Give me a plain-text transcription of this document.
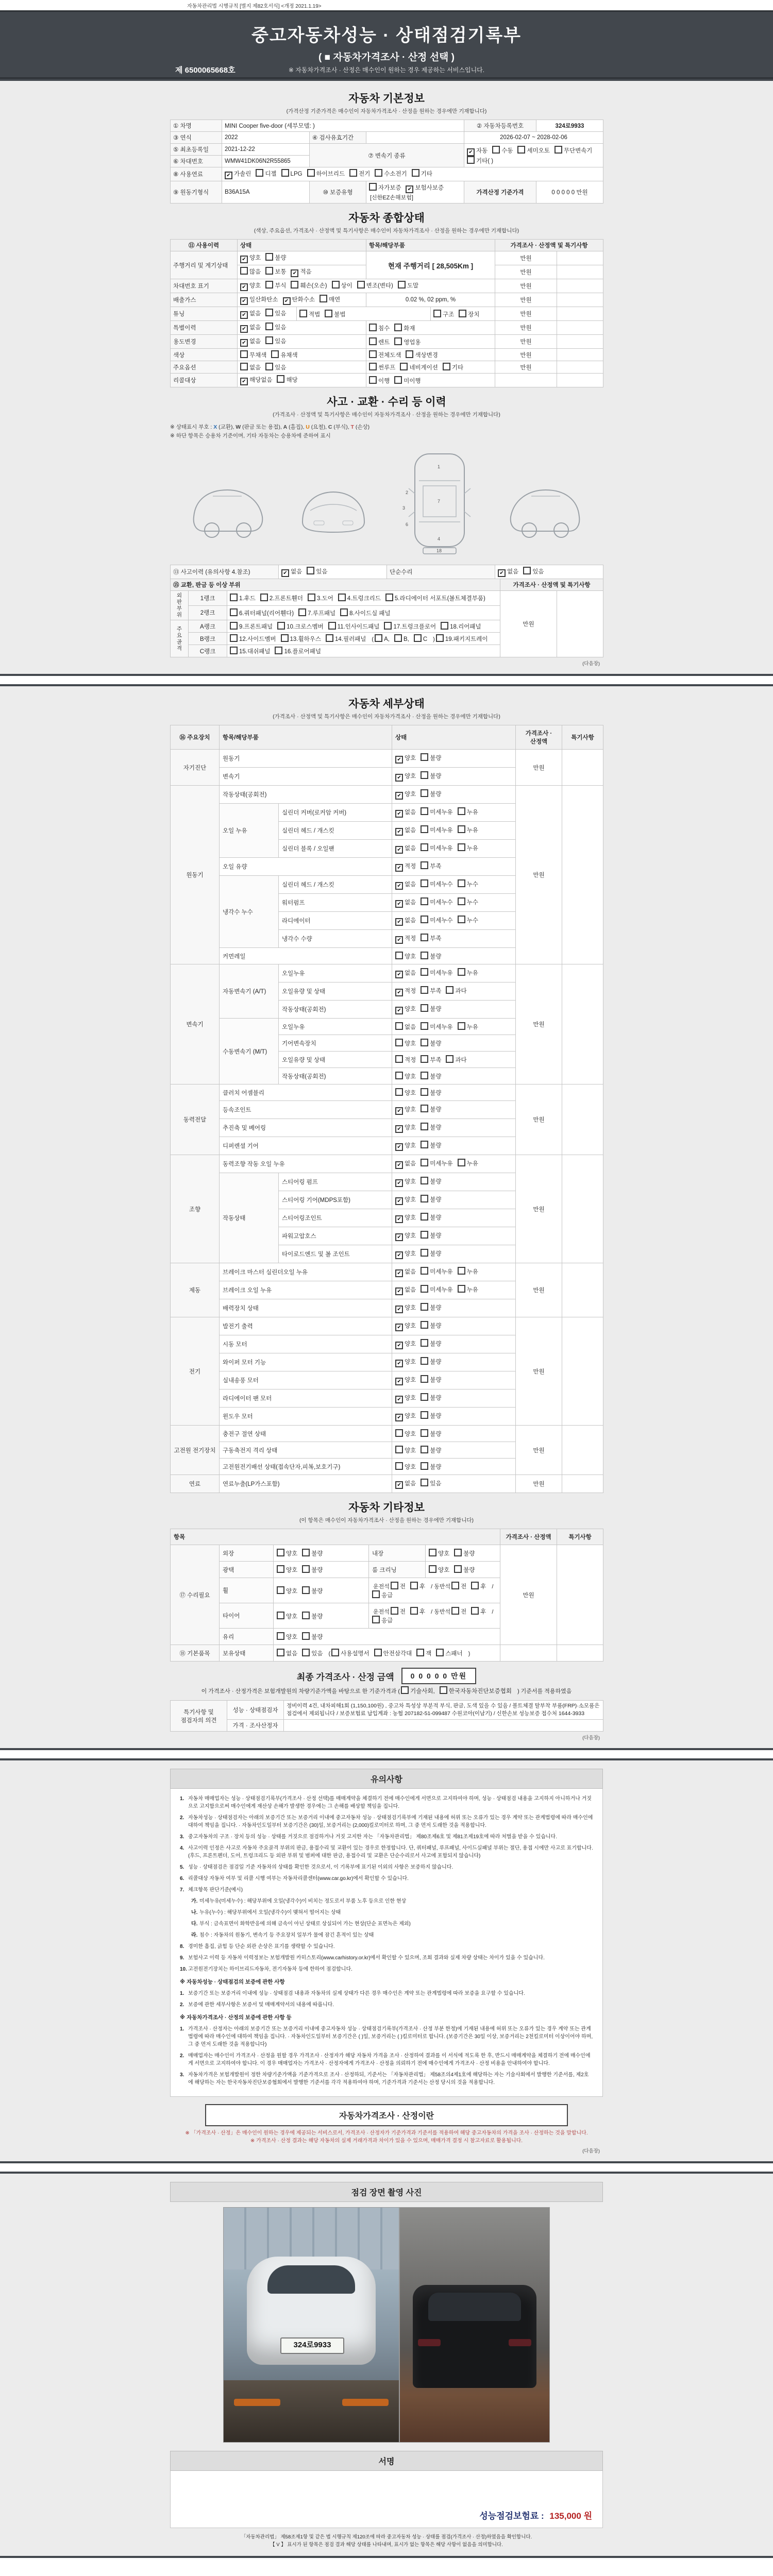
자동차관리법 시행규칙 [별지 제82호서식] <개정 2021.1.19>
중고자동차성능 · 상태점검기록부
( ■ 자동차가격조사 · 산정 선택 )
※ 자동차가격조사 · 산정은 매수인이 원하는 경우 제공하는 서비스입니다.
제 6500065668호
자동차 기본정보
(가격산정 기준가격은 매수인이 자동차가격조사 · 산정을 원하는 경우에만 기재합니다)
① 차명	MINI Cooper five-door (세부모델: )			② 자동차등록번호	324로9933
③ 연식	2022	④ 검사유효기간		2026-02-07 ~ 2028-02-06	
⑤ 최초등록일	2021-12-22	⑦ 변속기 종류		✔ 자동 수동 세미오토 무단변속기기타( )	
⑥ 차대번호	WMW41DK06N2R55865				
⑧ 사용연료	✔ 가솔린 디젤 LPG 하이브리드 전기 수소전기 기타				
⑨ 원동기형식	B36A15A	⑩ 보증유형	자가보증 ✔ 보험사보증[신한EZ손해보험]	가격산정 기준가격	0 0 0 0 0 만원
자동차 종합상태
(색상, 주요옵션, 가격조사 · 산정액 및 특기사항은 매수인이 자동차가격조사 · 산정을 원하는 경우에만 기재합니다)
⑪ 사용이력	상태		항목/해당부품		가격조사 · 산정액 및 특기사항	
주행거리 및 계기상태	✔ 양호 불량		현재 주행거리 [ 28,505Km ]		만원	
	많음 보통 ✔ 적음				만원	
차대번호 표기	✔ 양호 부식 훼손(오손) 상이 변조(변타) 도말				만원	
배출가스	✔ 일산화탄소 ✔ 탄화수소 매연		0.02 %, 02 ppm, %		만원	
튜닝	✔ 없음 있음	적법 불법		구조 장치	만원	
특별이력	✔ 없음 있음		침수 화재		만원	
용도변경	✔ 없음 있음		렌트 영업용		만원	
색상	무채색 유채색		전체도색 색상변경		만원	
주요옵션	없음 있음		썬루프 네비게이션 기타		만원	
리콜대상	✔ 해당없음 해당		이행 미이행			
사고 · 교환 · 수리 등 이력
(가격조사 · 산정액 및 특기사항은 매수인이 자동차가격조사 · 산정을 원하는 경우에만 기재합니다)
※ 상태표시 부호 : X (교환), W (판금 또는 용접), A (흠집), U (요철), C (부식), T (손상)
※ 하단 항목은 승용차 기준이며, 기타 자동차는 승용차에 준하여 표시
1
2
3
7
6
4
18
⑬ 사고이력 (유의사항 4.참조)	✔ 없음 있음	단순수리	✔ 없음 있음
⑮ 교환, 판금 등 이상 부위			가격조사 · 산정액 및 특기사항	
외판부위	1랭크	1.후드 2.프론트휀더 3.도어 4.트렁크리드 5.라디에이터 서포트(볼트체결부품)	만원	
	2랭크	6.쿼터패널(리어휀다) 7.루프패널 8.사이드실 패널		
주요골격	A랭크	9.프론트패널 10.크로스멤버 11.인사이드패널 17.트렁크플로어 18.리어패널		
	B랭크	12.사이드멤버 13.휠하우스 14.필러패널 ( A, B, C ) 19.패키지트레이		
	C랭크	15.대쉬패널 16.플로어패널		
(다음장)
자동차 세부상태
(가격조사 · 산정액 및 특기사항은 매수인이 자동차가격조사 · 산정을 원하는 경우에만 기재합니다)
⑯ 주요장치	항목/해당부품		상태	가격조사 · 산정액	특기사항
자기진단	원동기		✔ 양호 불량	만원	
	변속기		✔ 양호 불량		
원동기	작동상태(공회전)		✔ 양호 불량	만원	
	오일 누유	실린더 커버(로커암 커버)	✔ 없음 미세누유 누유		
		실린더 헤드 / 개스킷	✔ 없음 미세누유 누유		
		실린더 블록 / 오일팬	✔ 없음 미세누유 누유		
	오일 유량		✔ 적정 부족		
	냉각수 누수	실린더 헤드 / 개스킷	✔ 없음 미세누수 누수		
		워터펌프	✔ 없음 미세누수 누수		
		라디에이터	✔ 없음 미세누수 누수		
		냉각수 수량	✔ 적정 부족		
	커먼레일		양호 불량		
변속기	자동변속기 (A/T)	오일누유	✔ 없음 미세누유 누유	만원	
		오일유량 및 상태	✔ 적정 부족 과다		
		작동상태(공회전)	✔ 양호 불량		
	수동변속기 (M/T)	오일누유	없음 미세누유 누유		
		기어변속장치	양호 불량		
		오일유량 및 상태	적정 부족 과다		
		작동상태(공회전)	양호 불량		
동력전달	클러치 어셈블리		양호 불량	만원	
	등속조인트		✔ 양호 불량		
	추진축 및 베어링		✔ 양호 불량		
	디퍼렌셜 기어		✔ 양호 불량		
조향	동력조향 작동 오일 누유		✔ 없음 미세누유 누유	만원	
	작동상태	스티어링 펌프	✔ 양호 불량		
		스티어링 기어(MDPS포함)	✔ 양호 불량		
		스티어링조인트	✔ 양호 불량		
		파워고압호스	✔ 양호 불량		
		타이로드엔드 및 볼 조인트	✔ 양호 불량		
제동	브레이크 마스터 실린더오일 누유		✔ 없음 미세누유 누유	만원	
	브레이크 오일 누유		✔ 없음 미세누유 누유		
	배력장치 상태		✔ 양호 불량		
전기	발전기 출력		✔ 양호 불량	만원	
	시동 모터		✔ 양호 불량		
	와이퍼 모터 기능		✔ 양호 불량		
	실내송풍 모터		✔ 양호 불량		
	라디에이터 팬 모터		✔ 양호 불량		
	윈도우 모터		✔ 양호 불량		
고전원 전기장치	충전구 절연 상태		양호 불량	만원	
	구동축전지 격리 상태		양호 불량		
	고전원전기배선 상태(접속단자,피복,보호기구)		양호 불량		
연료	연료누출(LP가스포함)		✔ 없음 있음	만원	
자동차 기타정보
(이 항목은 매수인이 자동차가격조사 · 산정을 원하는 경우에만 기재합니다)
항목					가격조사 · 산정액	특기사항
⑰ 수리필요	외장	양호 불량	내장	양호 불량	만원	
	광택	양호 불량	룸 크리닝	양호 불량		
	휠	양호 불량	운전석 전 후 / 동반석 전 후 /응급			
	타이어	양호 불량	운전석 전 후 / 동반석 전 후 /응급			
	유리	양호 불량				
⑱ 기본품목	보유상태	없음 있음 ( 사용설명서 안전삼각대 잭 스패너 )				
최종 가격조사 · 산정 금액	0 0 0 0 0 만원
이 가격조사 · 산정가격은 보험개발원의 차량기준가액을 바탕으로 한 기준가격과 ( 기술사회, 한국자동차진단보증협회 ) 기준서를 적용하였음
특기사항 및 점검자의 의견	성능 · 상태점검자	정비이력 4건, 내차피해1회 (1,150,100원) , 중고차 특성상 부분적 부식, 판금, 도색 있을 수 있음 / 볼트체결 탈부착 부품(FRP)·소모품은 점검에서 제외됩니다 / 보증보험료 납입계좌 : 농협 207182-51-099487 수원코아(이남기) / 신한손보 성능보증 접수처 1644-3933
	가격 · 조사산정자	
(다음장)
유의사항
1. 자동차 매매업자는 성능 · 상태점검기록부(가격조사 · 산정 선택)를 매매계약을 체결하기 전에 매수인에게 서면으로 고지하여야 하며, 성능 · 상태점검 내용을 고지하지 아니하거나 거짓으로 고지함으로써 매수인에게 재산상 손해가 발생한 경우에는 그 손해를 배상할 책임을 집니다.
2. 자동차성능 · 상태점검자는 아래의 보증기간 또는 보증거리 이내에 중고자동차 성능 · 상태점검기록부에 기재된 내용에 허위 또는 오류가 있는 경우 계약 또는 관계법령에 따라 매수인에 대하여 책임을 집니다. · 자동차인도일부터 보증기간은 (30)일, 보증거리는 (2,000)킬로미터로 하며, 그 중 먼저 도래한 것을 적용합니다.
3. 중고자동차의 구조 · 장치 등의 성능 · 상태를 거짓으로 점검하거나 거짓 고지한 자는 「자동차관리법」 제80조제6호 및 제81조제19호에 따라 처벌을 받을 수 있습니다.
4. 사고이력 인정은 사고로 자동차 주요골격 부위의 판금, 용접수리 및 교환이 있는 경우로 한정합니다. 단, 쿼터패널, 루프패널, 사이드실패널 부위는 절단, 용접 시에만 사고로 표기합니다. (후드, 프론트펜더, 도어, 트렁크리드 등 외판 부위 및 범퍼에 대한 판금, 용접수리 및 교환은 단순수리로서 사고에 포함되지 않습니다)
5. 성능 · 상태점검은 점검일 기준 자동차의 상태를 확인한 것으로서, 이 기록부에 표기된 이외의 사항은 보증하지 않습니다.
6. 리콜대상 자동차 여부 및 리콜 시행 여부는 자동차리콜센터(www.car.go.kr)에서 확인할 수 있습니다.
7. 체크항목 판단기준(예시)
가. 미세누유(미세누수) : 해당부위에 오일(냉각수)이 비치는 정도로서 부품 노후 등으로 인한 현상
나. 누유(누수) : 해당부위에서 오일(냉각수)이 맺혀서 떨어지는 상태
다. 부식 : 금속표면이 화학반응에 의해 금속이 아닌 상태로 상실되어 가는 현상(단순 표면녹은 제외)
라. 침수 : 자동차의 원동기, 변속기 등 주요장치 일부가 물에 잠긴 흔적이 있는 상태
8. 경미한 흠집, 긁힘 등 단순 외관 손상은 표기를 생략할 수 있습니다.
9. 보험사고 이력 등 자동차 이력정보는 보험개발원 카히스토리(www.carhistory.or.kr)에서 확인할 수 있으며, 조회 결과와 실제 차량 상태는 차이가 있을 수 있습니다.
10. 고전원전기장치는 하이브리드자동차, 전기자동차 등에 한하여 점검합니다.
※ 자동차성능 · 상태점검의 보증에 관한 사항
1. 보증기간 또는 보증거리 이내에 성능 · 상태점검 내용과 자동차의 실제 상태가 다른 경우 매수인은 계약 또는 관계법령에 따라 보증을 요구할 수 있습니다.
2. 보증에 관한 세부사항은 보증서 및 매매계약서의 내용에 따릅니다.
※ 자동차가격조사 · 산정의 보증에 관한 사항 등
1. 가격조사 · 산정자는 아래의 보증기간 또는 보증거리 이내에 중고자동차 성능 · 상태점검기록부(가격조사 · 산정 부분 한정)에 기재된 내용에 허위 또는 오류가 있는 경우 계약 또는 관계법령에 따라 매수인에 대하여 책임을 집니다. · 자동차인도일부터 보증기간은 ( )일, 보증거리는 ( )킬로미터로 합니다. (보증기간은 30일 이상, 보증거리는 2천킬로미터 이상이어야 하며, 그 중 먼저 도래한 것을 적용합니다)
2. 매매업자는 매수인이 가격조사 · 산정을 원할 경우 가격조사 · 산정자가 해당 자동차 가격을 조사 · 산정하여 결과를 이 서식에 적도록 한 후, 반드시 매매계약을 체결하기 전에 매수인에게 서면으로 고지하여야 합니다. 이 경우 매매업자는 가격조사 · 산정자에게 가격조사 · 산정을 의뢰하기 전에 매수인에게 가격조사 · 산정 비용을 안내하여야 합니다.
3. 자동차가격은 보험개발원이 정한 차량기준가액을 기준가격으로 조사 · 산정하되, 기준서는 「자동차관리법」 제58조의4제1호에 해당하는 자는 기술사회에서 발행한 기준서를, 제2호에 해당하는 자는 한국자동차진단보증협회에서 발행한 기준서를 각각 적용하여야 하며, 기준가격과 기준서는 산정 당시의 것을 적용합니다.
자동차가격조사 · 산정이란
※ 「가격조사 · 산정」은 매수인이 원하는 경우에 제공되는 서비스로서, 가격조사 · 산정자가 기준가격과 기준서를 적용하여 해당 중고자동차의 가격을 조사 · 산정하는 것을 말합니다.
※ 가격조사 · 산정 결과는 해당 자동차의 실제 거래가격과 차이가 있을 수 있으며, 매매가격 결정 시 참고자료로 활용됩니다.
(다음장)
점검 장면 촬영 사진
324로9933
서명
성능점검보험료 : 135,000 원
「자동차관리법」 제58조제1항 및 같은 법 시행규칙 제120조에 따라 중고자동차 성능 · 상태를 점검(가격조사 · 산정)하였음을 확인합니다.
【 V 】 표시가 된 항목은 점검 결과 해당 상태를 나타내며, 표시가 없는 항목은 해당 사항이 없음을 의미합니다.
